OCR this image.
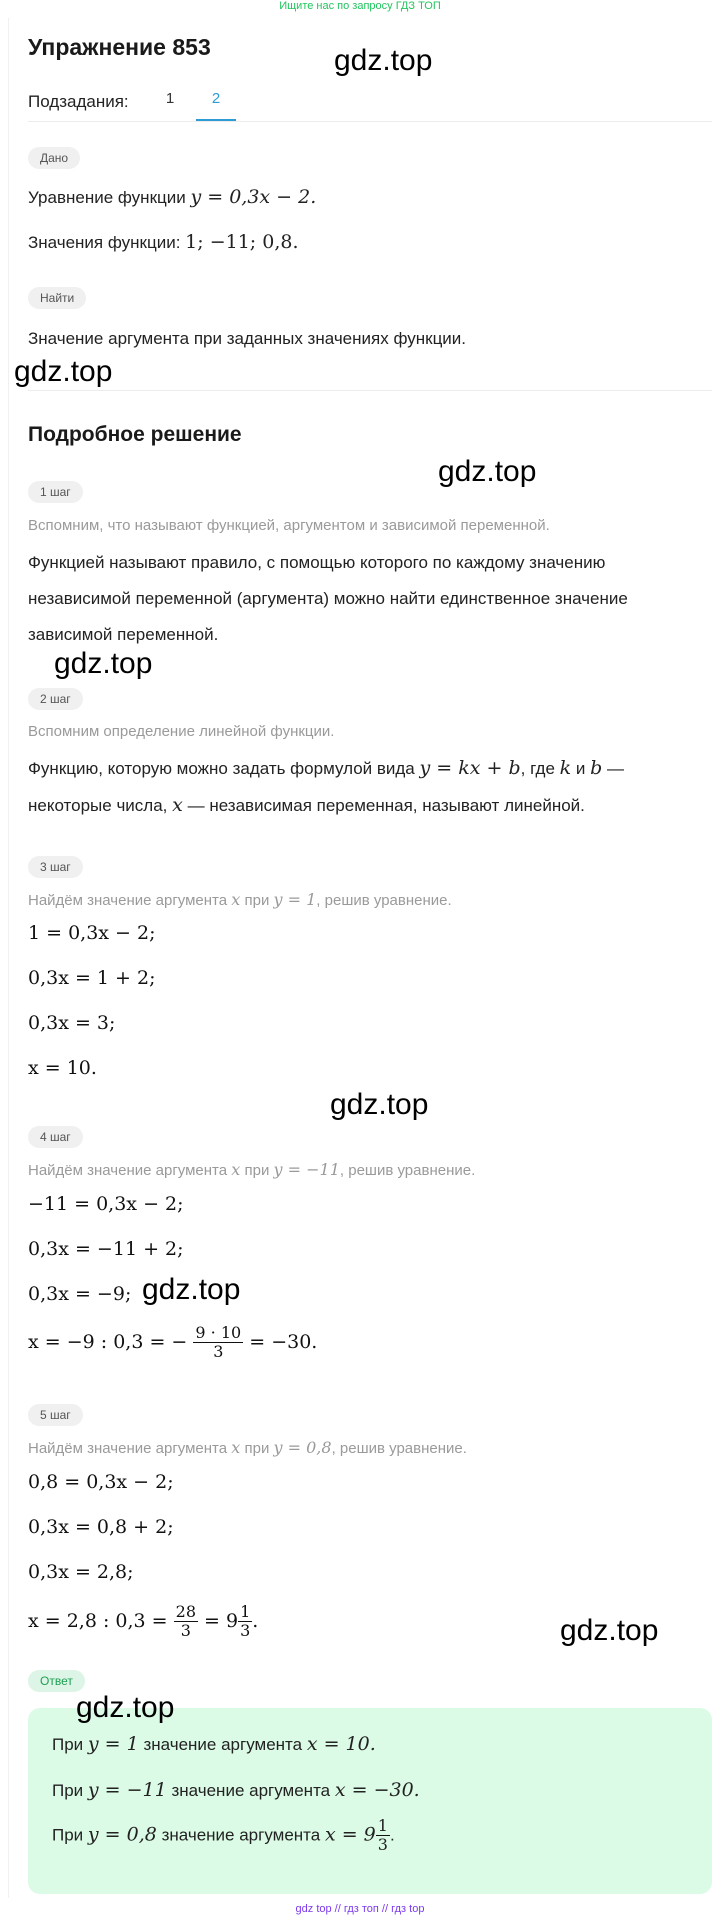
Ищите нас по запросу ГДЗ ТОП
Упражнение 853
Подзадания:	1	2
Дано
Уравнение функции y = 0,3x − 2.
Значения функции: 1; −11; 0,8.
Найти
Значение аргумента при заданных значениях функции.
Подробное решение
1 шаг
Вспомним, что называют функцией, аргументом и зависимой переменной.
Функцией называют правило, с помощью которого по каждому значению
независимой переменной (аргумента) можно найти единственное значение
зависимой переменной.
2 шаг
Вспомним определение линейной функции.
Функцию, которую можно задать формулой вида y = kx + b, где k и b —
некоторые числа, x — независимая переменная, называют линейной.
3 шаг
Найдём значение аргумента x при y = 1, решив уравнение.
1 = 0,3x − 2;
0,3x = 1 + 2;
0,3x = 3;
x = 10.
4 шаг
Найдём значение аргумента x при y = −11, решив уравнение.
−11 = 0,3x − 2;
0,3x = −11 + 2;
0,3x = −9;
x = −9 : 0,3 = − $\frac{9 \cdot 10}{3} = -30$.
5 шаг
Найдём значение аргумента x при y = 0,8, решив уравнение.
0,8 = 0,3x − 2;
0,3x = 0,8 + 2;
0,3x = 2,8;
x = 2,8 : $0,3 = \frac{28}{3} = 9 \frac{1}{3}$ .
Ответ
При y = 1 значение аргумента x = 10.
При y = −11 значение аргумента x = −30.
При y = 0,8 значение аргумента $x = 9 \frac{1}{3}$ .
gdz.top
gdz.top
gdz.top
gdz.top
gdz.top
gdz.top
gdz.top
gdz.top
gdz top // гдз топ // гдз top
